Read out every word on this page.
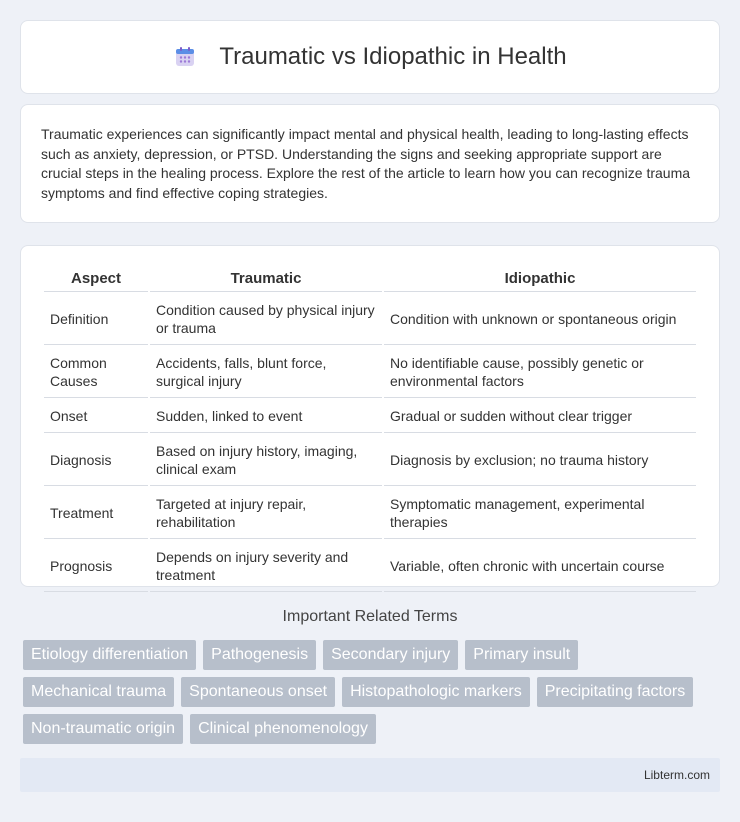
Traumatic vs Idiopathic in Health

Traumatic experiences can significantly impact mental and physical health, leading to long-lasting effects such as anxiety, depression, or PTSD. Understanding the signs and seeking appropriate support are crucial steps in the healing process. Explore the rest of the article to learn how you can recognize trauma symptoms and find effective coping strategies.

Aspect	Traumatic	Idiopathic
Definition	Condition caused by physical injury or trauma	Condition with unknown or spontaneous origin
Common Causes	Accidents, falls, blunt force, surgical injury	No identifiable cause, possibly genetic or environmental factors
Onset	Sudden, linked to event	Gradual or sudden without clear trigger
Diagnosis	Based on injury history, imaging, clinical exam	Diagnosis by exclusion; no trauma history
Treatment	Targeted at injury repair, rehabilitation	Symptomatic management, experimental therapies
Prognosis	Depends on injury severity and treatment	Variable, often chronic with uncertain course
Important Related Terms
Etiology differentiation	Pathogenesis	Secondary injury	Primary insult
Mechanical trauma	Spontaneous onset	Histopathologic markers	Precipitating factors
Non-traumatic origin	Clinical phenomenology
Libterm.com
